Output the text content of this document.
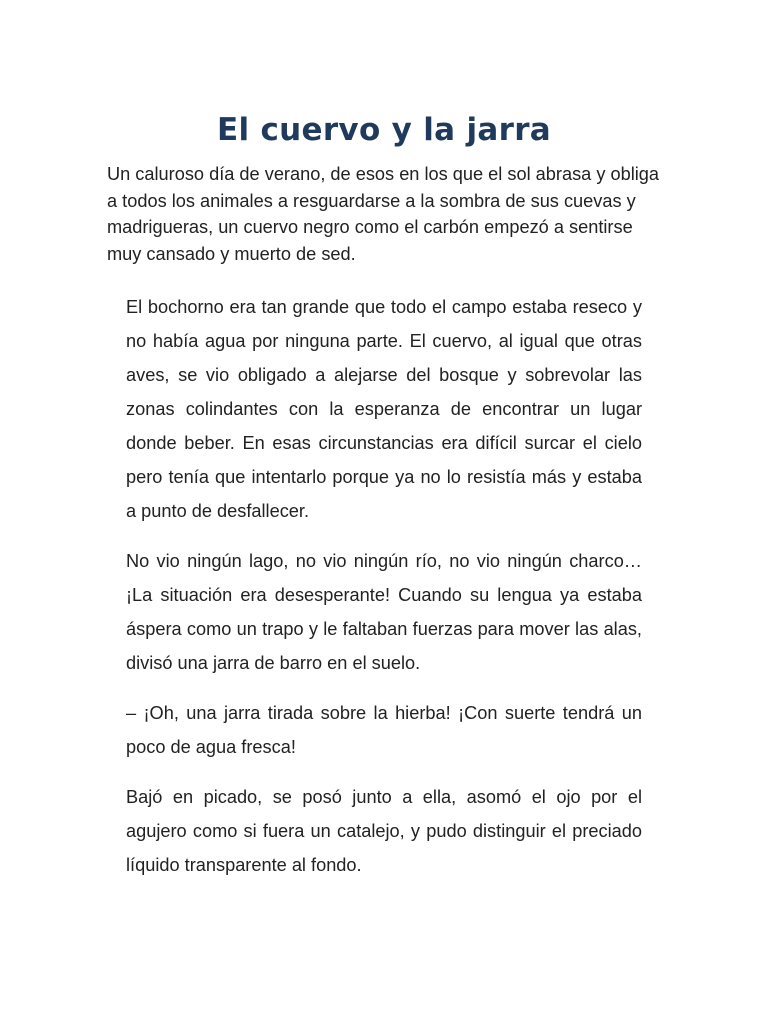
El cuervo y la jarra

Un caluroso día de verano, de esos en los que el sol abrasa y obliga a todos los animales a resguardarse a la sombra de sus cuevas y madrigueras, un cuervo negro como el carbón empezó a sentirse muy cansado y muerto de sed.

El bochorno era tan grande que todo el campo estaba reseco y no había agua por ninguna parte. El cuervo, al igual que otras aves, se vio obligado a alejarse del bosque y sobrevolar las zonas colindantes con la esperanza de encontrar un lugar donde beber. En esas circunstancias era difícil surcar el cielo pero tenía que intentarlo porque ya no lo resistía más y estaba a punto de desfallecer.

No vio ningún lago, no vio ningún río, no vio ningún charco… ¡La situación era desesperante! Cuando su lengua ya estaba áspera como un trapo y le faltaban fuerzas para mover las alas, divisó una jarra de barro en el suelo.

– ¡Oh, una jarra tirada sobre la hierba! ¡Con suerte tendrá un poco de agua fresca!

Bajó en picado, se posó junto a ella, asomó el ojo por el agujero como si fuera un catalejo, y pudo distinguir el preciado líquido transparente al fondo.
